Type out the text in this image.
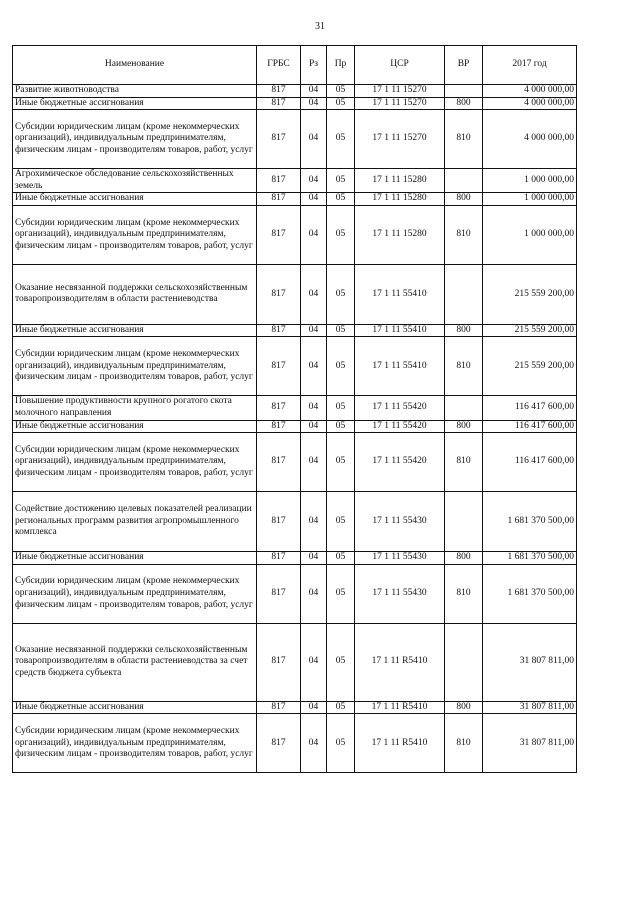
31
Наименование	ГРБС	Рз	Пр	ЦСР	ВР	2017 год
Развитие животноводства	817	04	05	17 1 11 15270		4 000 000,00
Иные бюджетные ассигнования	817	04	05	17 1 11 15270	800	4 000 000,00
Субсидии юридическим лицам (кроме некоммерческих организаций), индивидуальным предпринимателям, физическим лицам - производителям товаров, работ, услуг	817	04	05	17 1 11 15270	810	4 000 000,00
Агрохимическое обследование сельскохозяйственных земель	817	04	05	17 1 11 15280		1 000 000,00
Иные бюджетные ассигнования	817	04	05	17 1 11 15280	800	1 000 000,00
Субсидии юридическим лицам (кроме некоммерческих организаций), индивидуальным предпринимателям, физическим лицам - производителям товаров, работ, услуг	817	04	05	17 1 11 15280	810	1 000 000,00
Оказание несвязанной поддержки сельскохозяйственным товаропроизводителям в области растениеводства	817	04	05	17 1 11 55410		215 559 200,00
Иные бюджетные ассигнования	817	04	05	17 1 11 55410	800	215 559 200,00
Субсидии юридическим лицам (кроме некоммерческих организаций), индивидуальным предпринимателям, физическим лицам - производителям товаров, работ, услуг	817	04	05	17 1 11 55410	810	215 559 200,00
Повышение продуктивности крупного рогатого скота молочного направления	817	04	05	17 1 11 55420		116 417 600,00
Иные бюджетные ассигнования	817	04	05	17 1 11 55420	800	116 417 600,00
Субсидии юридическим лицам (кроме некоммерческих организаций), индивидуальным предпринимателям, физическим лицам - производителям товаров, работ, услуг	817	04	05	17 1 11 55420	810	116 417 600,00
Содействие достижению целевых показателей реализации региональных программ развития агропромышленного комплекса	817	04	05	17 1 11 55430		1 681 370 500,00
Иные бюджетные ассигнования	817	04	05	17 1 11 55430	800	1 681 370 500,00
Субсидии юридическим лицам (кроме некоммерческих организаций), индивидуальным предпринимателям, физическим лицам - производителям товаров, работ, услуг	817	04	05	17 1 11 55430	810	1 681 370 500,00
Оказание несвязанной поддержки сельскохозяйственным товаропроизводителям в области растениеводства за счет средств бюджета субъекта	817	04	05	17 1 11 R5410		31 807 811,00
Иные бюджетные ассигнования	817	04	05	17 1 11 R5410	800	31 807 811,00
Субсидии юридическим лицам (кроме некоммерческих организаций), индивидуальным предпринимателям, физическим лицам - производителям товаров, работ, услуг	817	04	05	17 1 11 R5410	810	31 807 811,00
